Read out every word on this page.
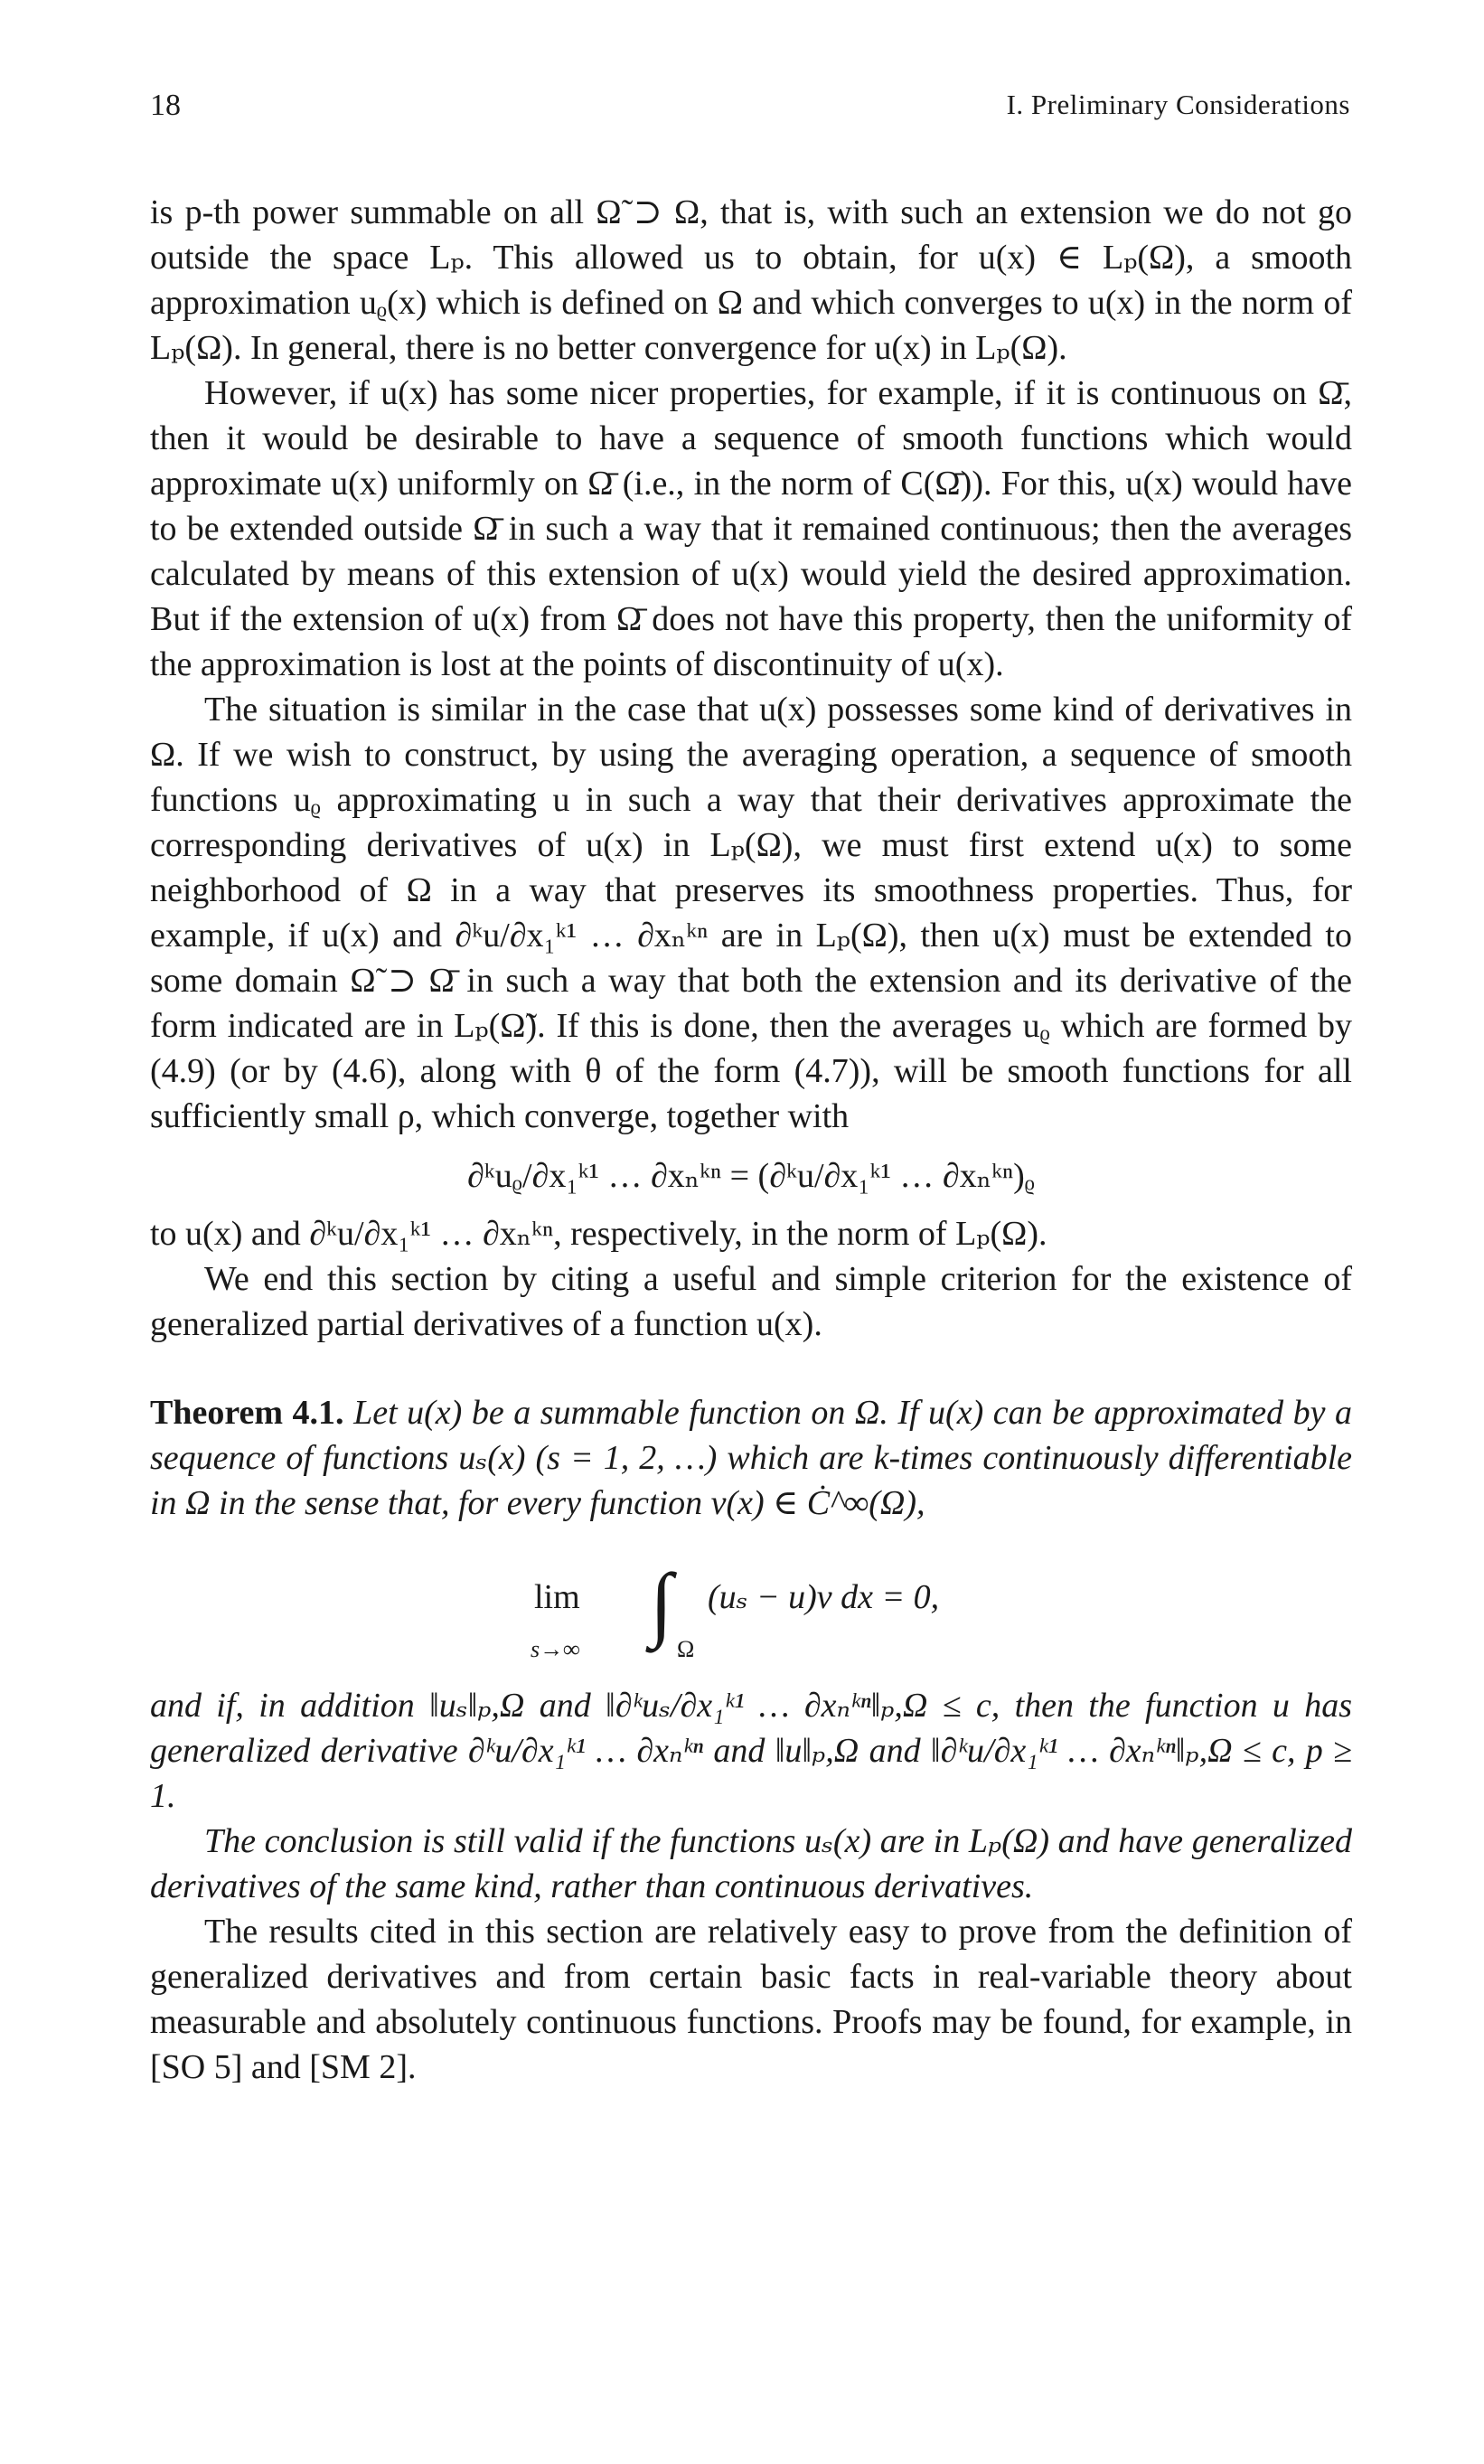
18	I. Preliminary Considerations

is p-th power summable on all Ω̃ ⊃ Ω, that is, with such an extension we do not go outside the space Lₚ. This allowed us to obtain, for u(x) ∈ Lₚ(Ω), a smooth approximation uᵨ(x) which is defined on Ω and which converges to u(x) in the norm of Lₚ(Ω). In general, there is no better convergence for u(x) in Lₚ(Ω).

However, if u(x) has some nicer properties, for example, if it is continuous on Ω̄, then it would be desirable to have a sequence of smooth functions which would approximate u(x) uniformly on Ω̄ (i.e., in the norm of C(Ω̄)). For this, u(x) would have to be extended outside Ω̄ in such a way that it remained continuous; then the averages calculated by means of this extension of u(x) would yield the desired approximation. But if the extension of u(x) from Ω̄ does not have this property, then the uniformity of the approximation is lost at the points of discontinuity of u(x).

The situation is similar in the case that u(x) possesses some kind of derivatives in Ω. If we wish to construct, by using the averaging operation, a sequence of smooth functions uᵨ approximating u in such a way that their derivatives approximate the corresponding derivatives of u(x) in Lₚ(Ω), we must first extend u(x) to some neighborhood of Ω in a way that preserves its smoothness properties. Thus, for example, if u(x) and ∂ᵏu/∂x₁ᵏ¹ … ∂xₙᵏⁿ are in Lₚ(Ω), then u(x) must be extended to some domain Ω̃ ⊃ Ω̄ in such a way that both the extension and its derivative of the form indicated are in Lₚ(Ω̃). If this is done, then the averages uᵨ which are formed by (4.9) (or by (4.6), along with θ of the form (4.7)), will be smooth functions for all sufficiently small ρ, which converge, together with

∂ᵏuᵨ/∂x₁ᵏ¹ … ∂xₙᵏⁿ = (∂ᵏu/∂x₁ᵏ¹ … ∂xₙᵏⁿ)ᵨ

to u(x) and ∂ᵏu/∂x₁ᵏ¹ … ∂xₙᵏⁿ, respectively, in the norm of Lₚ(Ω).

We end this section by citing a useful and simple criterion for the existence of generalized partial derivatives of a function u(x).

Theorem 4.1. Let u(x) be a summable function on Ω. If u(x) can be approximated by a sequence of functions uₛ(x) (s = 1, 2, …) which are k-times continuously differentiable in Ω in the sense that, for every function v(x) ∈ Ċ^∞(Ω),

lim
s→∞
∫
Ω
(uₛ − u)v dx = 0,

and if, in addition ‖uₛ‖ₚ,Ω and ‖∂ᵏuₛ/∂x₁ᵏ¹ … ∂xₙᵏⁿ‖ₚ,Ω ≤ c, then the function u has generalized derivative ∂ᵏu/∂x₁ᵏ¹ … ∂xₙᵏⁿ and ‖u‖ₚ,Ω and ‖∂ᵏu/∂x₁ᵏ¹ … ∂xₙᵏⁿ‖ₚ,Ω ≤ c, p ≥ 1.

The conclusion is still valid if the functions uₛ(x) are in Lₚ(Ω) and have generalized derivatives of the same kind, rather than continuous derivatives.

The results cited in this section are relatively easy to prove from the definition of generalized derivatives and from certain basic facts in real-variable theory about measurable and absolutely continuous functions. Proofs may be found, for example, in [SO 5] and [SM 2].
